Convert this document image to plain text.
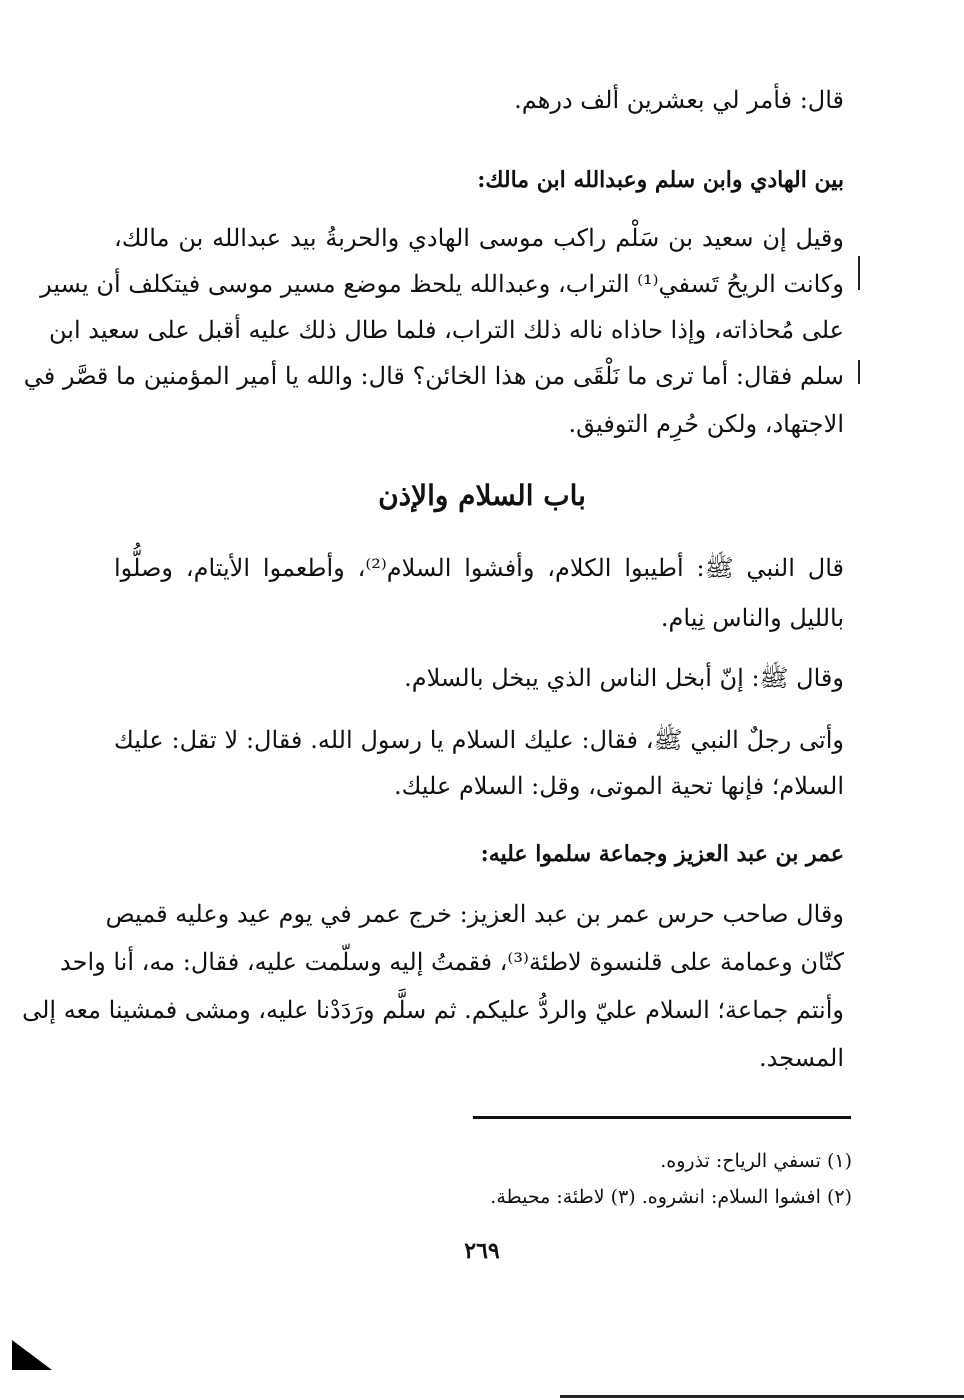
قال: فأمر لي بعشرين ألف درهم.
بين الهادي وابن سلم وعبدالله ابن مالك:
وقيل إن سعيد بن سَلْم راكب موسى الهادي والحربةُ بيد عبدالله بن مالك،
وكانت الريحُ تَسفي⁽¹⁾ التراب، وعبدالله يلحظ موضع مسير موسى فيتكلف أن يسير
على مُحاذاته، وإذا حاذاه ناله ذلك التراب، فلما طال ذلك عليه أقبل على سعيد ابن
سلم فقال: أما ترى ما نَلْقَى من هذا الخائن؟ قال: والله يا أمير المؤمنين ما قصَّر في
الاجتهاد، ولكن حُرِم التوفيق.
باب السلام والإذن
قال النبي ﷺ: أطيبوا الكلام، وأفشوا السلام⁽²⁾، وأطعموا الأيتام، وصلُّوا
بالليل والناس نِيام.
وقال ﷺ: إنّ أبخل الناس الذي يبخل بالسلام.
وأتى رجلٌ النبي ﷺ، فقال: عليك السلام يا رسول الله. فقال: لا تقل: عليك
السلام؛ فإنها تحية الموتى، وقل: السلام عليك.
عمر بن عبد العزيز وجماعة سلموا عليه:
وقال صاحب حرس عمر بن عبد العزيز: خرج عمر في يوم عيد وعليه قميص
كتّان وعمامة على قلنسوة لاطئة⁽³⁾، فقمتُ إليه وسلّمت عليه، فقال: مه، أنا واحد
وأنتم جماعة؛ السلام عليّ والردُّ عليكم. ثم سلَّم ورَدَدْنا عليه، ومشى فمشينا معه إلى
المسجد.
(١) تسفي الرياح: تذروه.
(٢) افشوا السلام: انشروه. (٣) لاطئة: محيطة.
٢٦٩
